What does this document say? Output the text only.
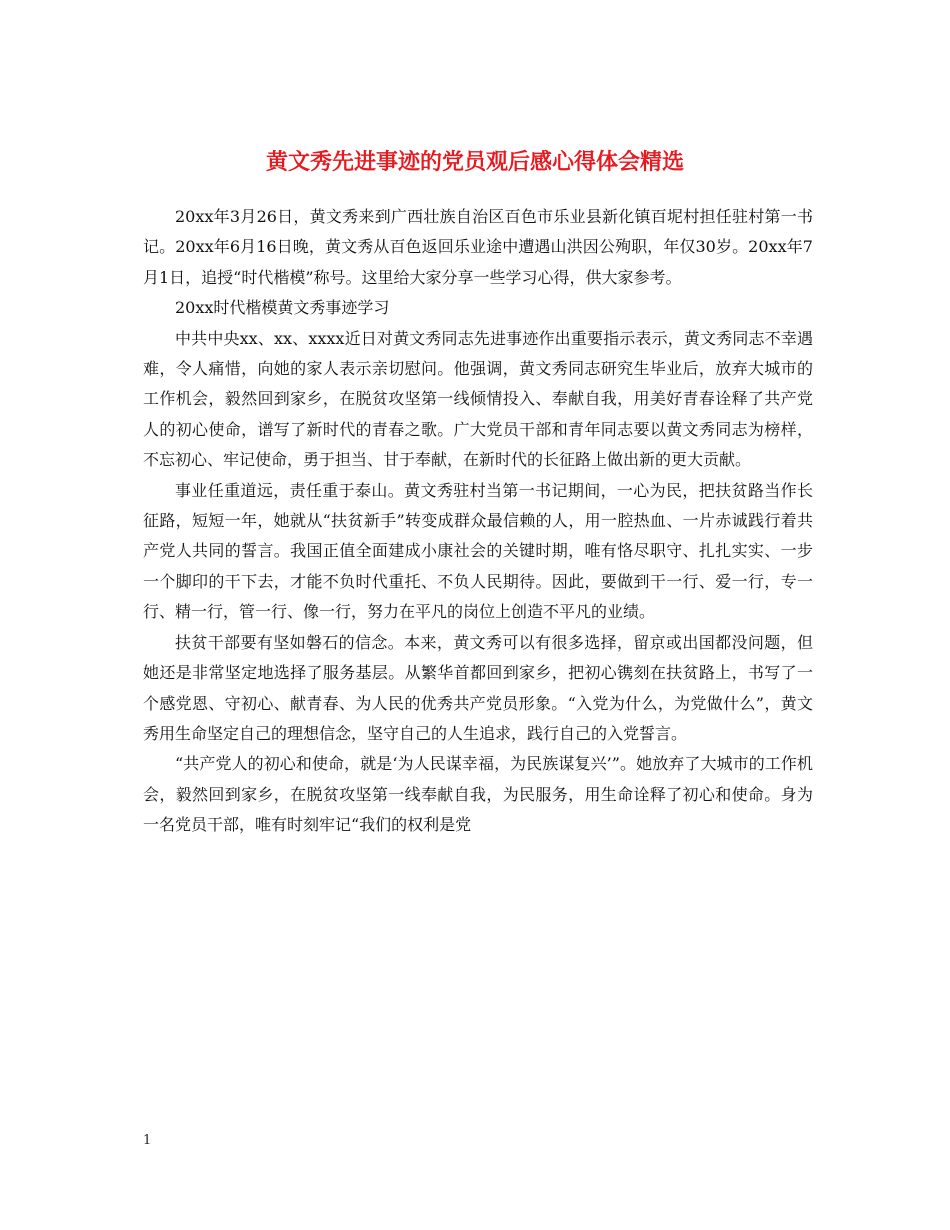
黄文秀先进事迹的党员观后感心得体会精选

20xx年3月26日，黄文秀来到广西壮族自治区百色市乐业县新化镇百坭村担任驻村第一书记。20xx年6月16日晚，黄文秀从百色返回乐业途中遭遇山洪因公殉职，年仅30岁。20xx年7月1日，追授“时代楷模”称号。这里给大家分享一些学习心得，供大家参考。

20xx时代楷模黄文秀事迹学习

中共中央xx、xx、xxxx近日对黄文秀同志先进事迹作出重要指示表示，黄文秀同志不幸遇难，令人痛惜，向她的家人表示亲切慰问。他强调，黄文秀同志研究生毕业后，放弃大城市的工作机会，毅然回到家乡，在脱贫攻坚第一线倾情投入、奉献自我，用美好青春诠释了共产党人的初心使命，谱写了新时代的青春之歌。广大党员干部和青年同志要以黄文秀同志为榜样，不忘初心、牢记使命，勇于担当、甘于奉献，在新时代的长征路上做出新的更大贡献。

事业任重道远，责任重于泰山。黄文秀驻村当第一书记期间，一心为民，把扶贫路当作长征路，短短一年，她就从“扶贫新手”转变成群众最信赖的人，用一腔热血、一片赤诚践行着共产党人共同的誓言。我国正值全面建成小康社会的关键时期，唯有恪尽职守、扎扎实实、一步一个脚印的干下去，才能不负时代重托、不负人民期待。因此，要做到干一行、爱一行，专一行、精一行，管一行、像一行，努力在平凡的岗位上创造不平凡的业绩。

扶贫干部要有坚如磐石的信念。本来，黄文秀可以有很多选择，留京或出国都没问题，但她还是非常坚定地选择了服务基层。从繁华首都回到家乡，把初心镌刻在扶贫路上，书写了一个感党恩、守初心、献青春、为人民的优秀共产党员形象。“入党为什么，为党做什么”，黄文秀用生命坚定自己的理想信念，坚守自己的人生追求，践行自己的入党誓言。

“共产党人的初心和使命，就是‘为人民谋幸福，为民族谋复兴’”。她放弃了大城市的工作机会，毅然回到家乡，在脱贫攻坚第一线奉献自我，为民服务，用生命诠释了初心和使命。身为一名党员干部，唯有时刻牢记“我们的权利是党

1
